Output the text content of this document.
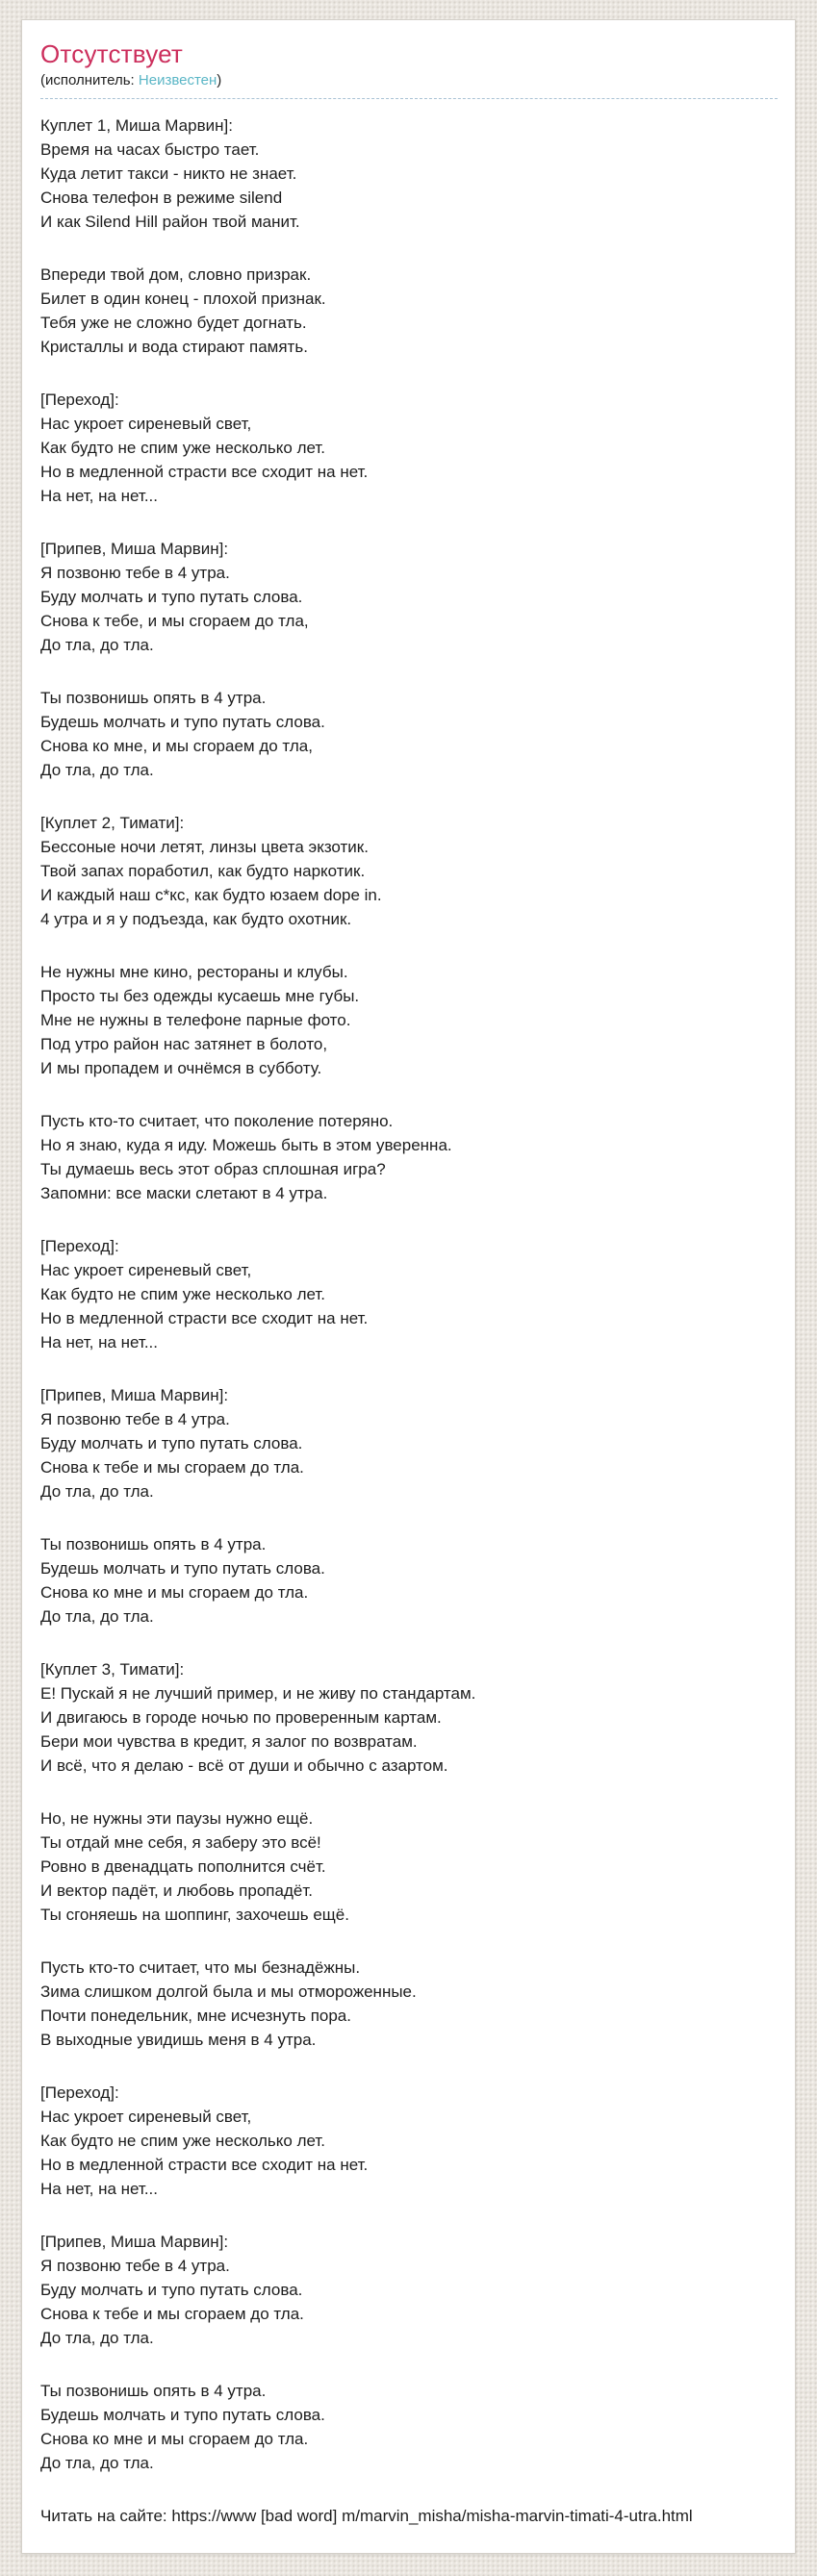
Отсутствует

(исполнитель: Неизвестен)

Куплет 1, Миша Марвин]:
Время на часах быстро тает.
Куда летит такси - никто не знает.
Снова телефон в режиме silend
И как Silend Hill район твой манит.

Впереди твой дом, словно призрак.
Билет в один конец - плохой признак.
Тебя уже не сложно будет догнать.
Кристаллы и вода стирают память.

[Переход]:
Нас укроет сиреневый свет,
Как будто не спим уже несколько лет.
Но в медленной страсти все сходит на нет.
На нет, на нет...

[Припев, Миша Марвин]:
Я позвоню тебе в 4 утра.
Буду молчать и тупо путать слова.
Снова к тебе, и мы сгораем до тла,
До тла, до тла.

Ты позвонишь опять в 4 утра.
Будешь молчать и тупо путать слова.
Снова ко мне, и мы сгораем до тла,
До тла, до тла.

[Куплет 2, Тимати]:
Бессоные ночи летят, линзы цвета экзотик.
Твой запах поработил, как будто наркотик.
И каждый наш с*кс, как будто юзаем dope in.
4 утра и я у подъезда, как будто охотник.

Не нужны мне кино, рестораны и клубы.
Просто ты без одежды кусаешь мне губы.
Мне не нужны в телефоне парные фото.
Под утро район нас затянет в болото,
И мы пропадем и очнёмся в субботу.

Пусть кто-то считает, что поколение потеряно.
Но я знаю, куда я иду. Можешь быть в этом уверенна.
Ты думаешь весь этот образ сплошная игра?
Запомни: все маски слетают в 4 утра.

[Переход]:
Нас укроет сиреневый свет,
Как будто не спим уже несколько лет.
Но в медленной страсти все сходит на нет.
На нет, на нет...

[Припев, Миша Марвин]:
Я позвоню тебе в 4 утра.
Буду молчать и тупо путать слова.
Снова к тебе и мы сгораем до тла.
До тла, до тла.

Ты позвонишь опять в 4 утра.
Будешь молчать и тупо путать слова.
Снова ко мне и мы сгораем до тла.
До тла, до тла.

[Куплет 3, Тимати]:
Е! Пускай я не лучший пример, и не живу по стандартам.
И двигаюсь в городе ночью по проверенным картам.
Бери мои чувства в кредит, я залог по возвратам.
И всё, что я делаю - всё от души и обычно с азартом.

Но, не нужны эти паузы нужно ещё.
Ты отдай мне себя, я заберу это всё!
Ровно в двенадцать пополнится счёт.
И вектор падёт, и любовь пропадёт.
Ты сгоняешь на шоппинг, захочешь ещё.

Пусть кто-то считает, что мы безнадёжны.
Зима слишком долгой была и мы отмороженные.
Почти понедельник, мне исчезнуть пора.
В выходные увидишь меня в 4 утра.

[Переход]:
Нас укроет сиреневый свет,
Как будто не спим уже несколько лет.
Но в медленной страсти все сходит на нет.
На нет, на нет...

[Припев, Миша Марвин]:
Я позвоню тебе в 4 утра.
Буду молчать и тупо путать слова.
Снова к тебе и мы сгораем до тла.
До тла, до тла.

Ты позвонишь опять в 4 утра.
Будешь молчать и тупо путать слова.
Снова ко мне и мы сгораем до тла.
До тла, до тла.

Читать на сайте: https://www [bad word] m/marvin_misha/misha-marvin-timati-4-utra.html
